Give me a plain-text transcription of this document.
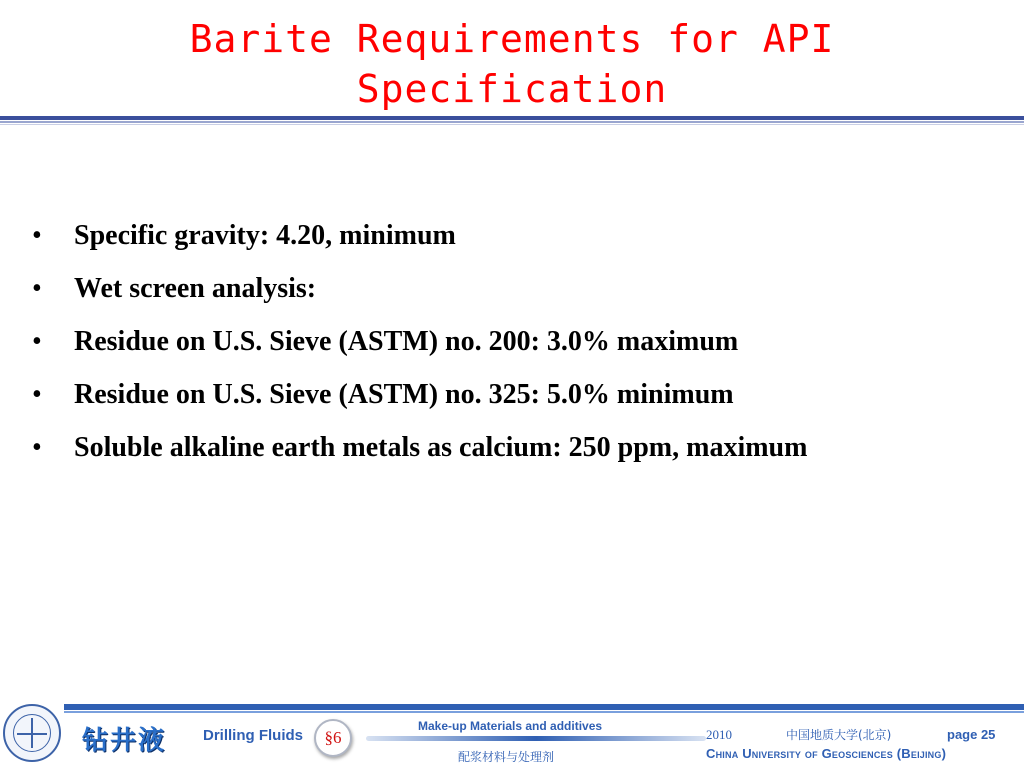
Barite Requirements for API
Specification
• Specific gravity: 4.20, minimum
• Wet screen analysis:
• Residue on U.S. Sieve (ASTM) no. 200: 3.0% maximum
• Residue on U.S. Sieve (ASTM) no. 325: 5.0% minimum
• Soluble alkaline earth metals as calcium: 250 ppm, maximum
钻井液 Drilling Fluids	§6
Make-up Materials and additives
配浆材料与处理剂
2010	中国地质大学(北京)	page 25
China University of Geosciences (Beijing)
